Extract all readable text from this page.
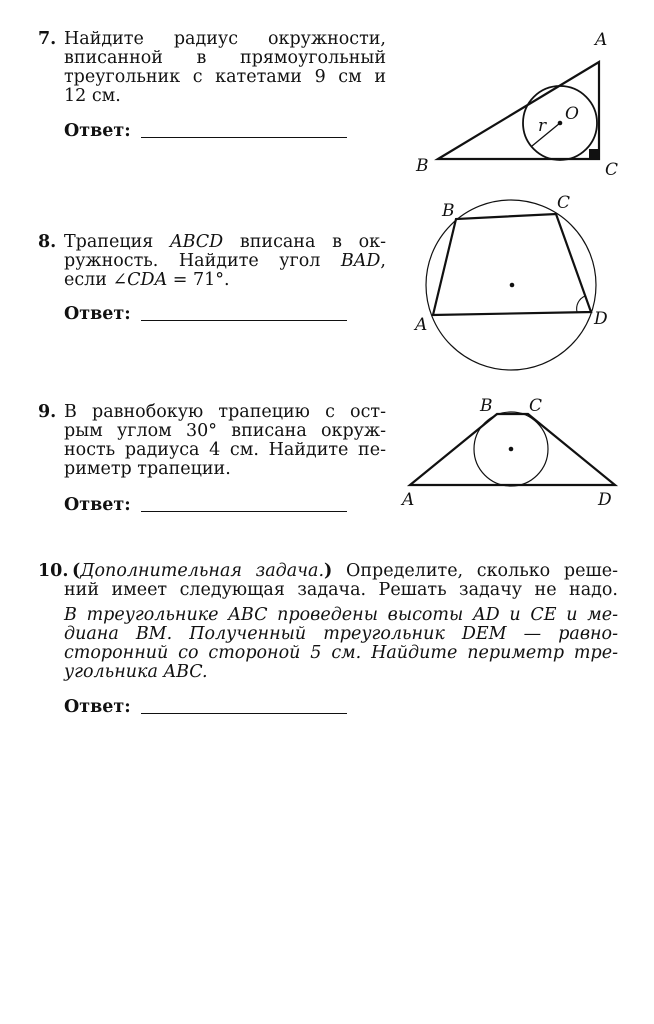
7. Найдите радиус окружности,
вписанной в прямоугольный
треугольник с катетами 9 см и
12 см.
Ответ:
A
B	C
O
r
8. Трапеция ABCD вписана в ок-
ружность. Найдите угол BAD,
если ∠CDA = 71°.
Ответ:
A
B	C
D
9. В равнобокую трапецию с ост-
рым углом 30° вписана окруж-
ность радиуса 4 см. Найдите пе-
риметр трапеции.
Ответ:	A
B C
D
10. (Дополнительная задача.) Определите, сколько реше-
ний имеет следующая задача. Решать задачу не надо.
В треугольнике ABC проведены высоты AD и CE и ме-
диана BM. Полученный треугольник DEM — равно-
сторонний со стороной 5 см. Найдите периметр тре-
угольника ABC.
Ответ:
